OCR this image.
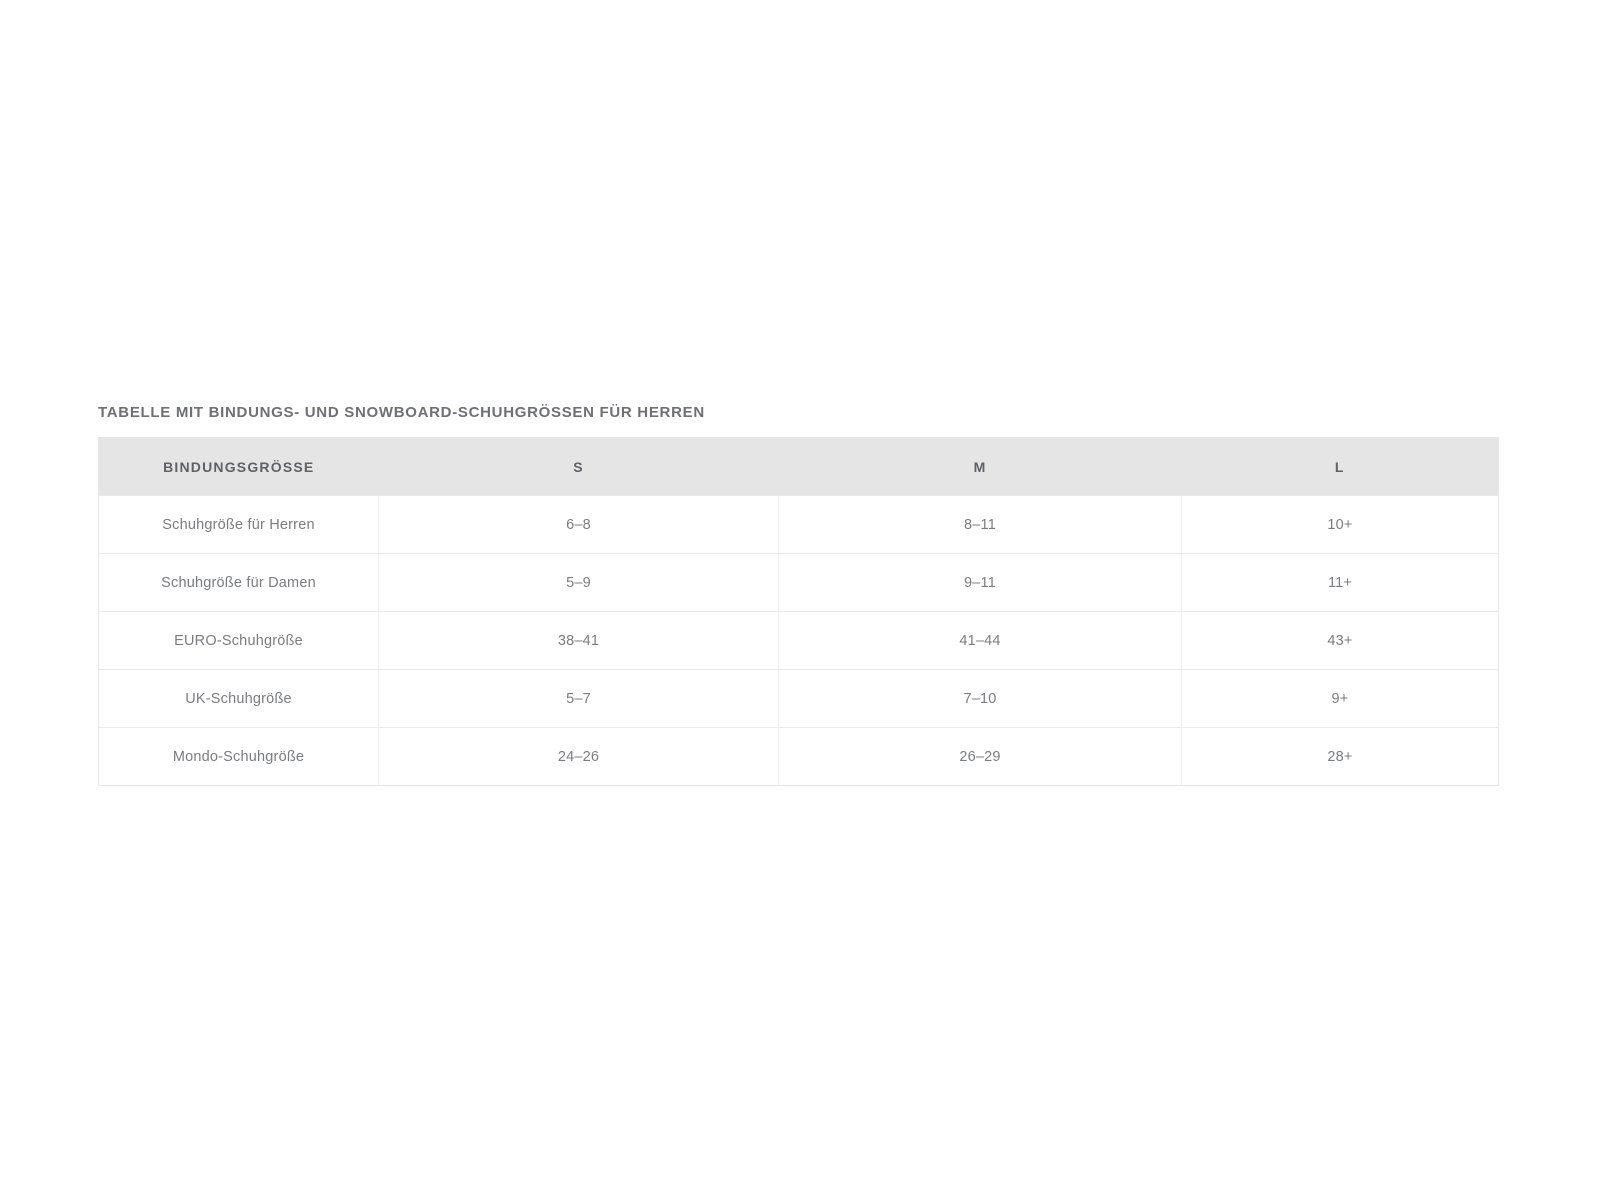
TABELLE MIT BINDUNGS- UND SNOWBOARD-SCHUHGRÖSSEN FÜR HERREN
BINDUNGSGRÖSSE	S	M	L
Schuhgröße für Herren	6–8	8–11	10+
Schuhgröße für Damen	5–9	9–11	11+
EURO-Schuhgröße	38–41	41–44	43+
UK-Schuhgröße	5–7	7–10	9+
Mondo-Schuhgröße	24–26	26–29	28+
